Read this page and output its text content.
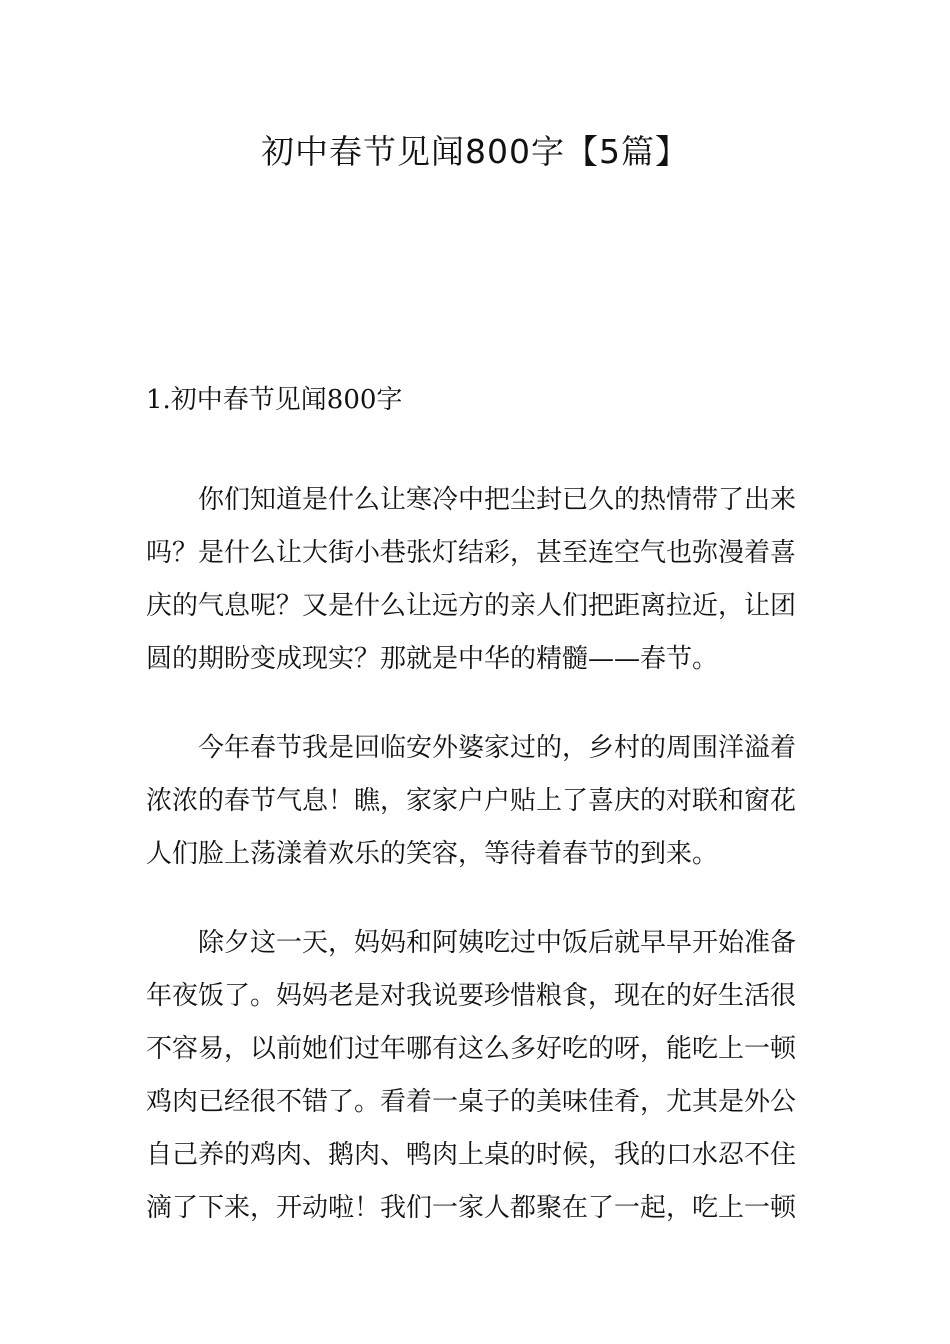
初中春节见闻800字【5篇】
1.初中春节见闻800字

你们知道是什么让寒冷中把尘封已久的热情带了出来
吗？是什么让大街小巷张灯结彩，甚至连空气也弥漫着喜
庆的气息呢？又是什么让远方的亲人们把距离拉近，让团
圆的期盼变成现实？那就是中华的精髓——春节。

今年春节我是回临安外婆家过的，乡村的周围洋溢着
浓浓的春节气息！瞧，家家户户贴上了喜庆的对联和窗花
人们脸上荡漾着欢乐的笑容，等待着春节的到来。

除夕这一天，妈妈和阿姨吃过中饭后就早早开始准备
年夜饭了。妈妈老是对我说要珍惜粮食，现在的好生活很
不容易，以前她们过年哪有这么多好吃的呀，能吃上一顿
鸡肉已经很不错了。看着一桌子的美味佳肴，尤其是外公
自己养的鸡肉、鹅肉、鸭肉上桌的时候，我的口水忍不住
滴了下来，开动啦！我们一家人都聚在了一起，吃上一顿
